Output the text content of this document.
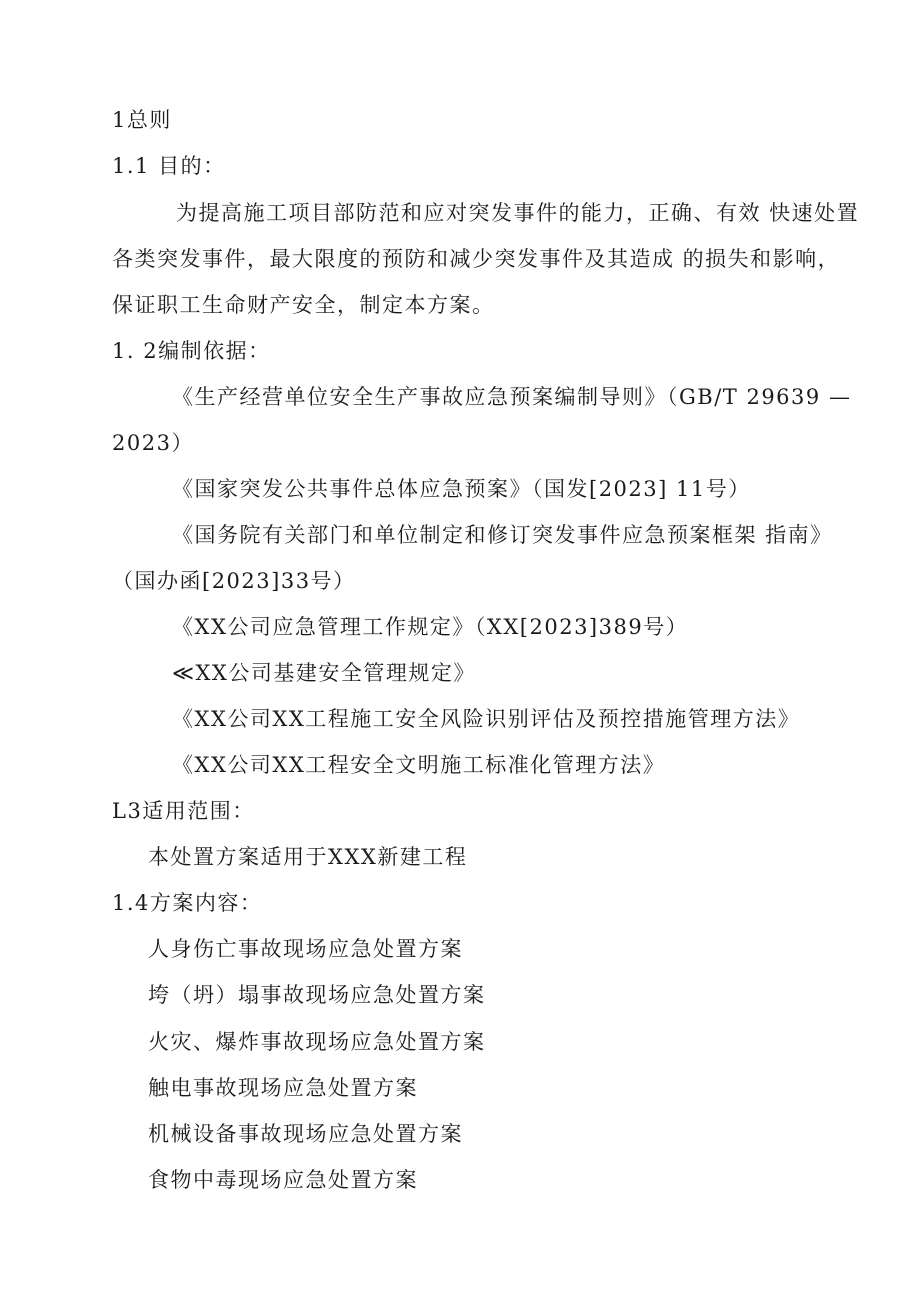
1总则
1.1 目的：
为提高施工项目部防范和应对突发事件的能力，正确、有效 快速处置
各类突发事件，最大限度的预防和减少突发事件及其造成 的损失和影响，
保证职工生命财产安全，制定本方案。
1. 2编制依据：
《生产经营单位安全生产事故应急预案编制导则》（GB/T 29639 —
2023）
《国家突发公共事件总体应急预案》（国发[2023] 11号）
《国务院有关部门和单位制定和修订突发事件应急预案框架 指南》
（国办函[2023]33号）
《XX公司应急管理工作规定》（XX[2023]389号）
≪XX公司基建安全管理规定》
《XX公司XX工程施工安全风险识别评估及预控措施管理方法》
《XX公司XX工程安全文明施工标准化管理方法》
L3适用范围：
本处置方案适用于XXX新建工程
1.4方案内容：
人身伤亡事故现场应急处置方案
垮（坍）塌事故现场应急处置方案
火灾、爆炸事故现场应急处置方案
触电事故现场应急处置方案
机械设备事故现场应急处置方案
食物中毒现场应急处置方案
